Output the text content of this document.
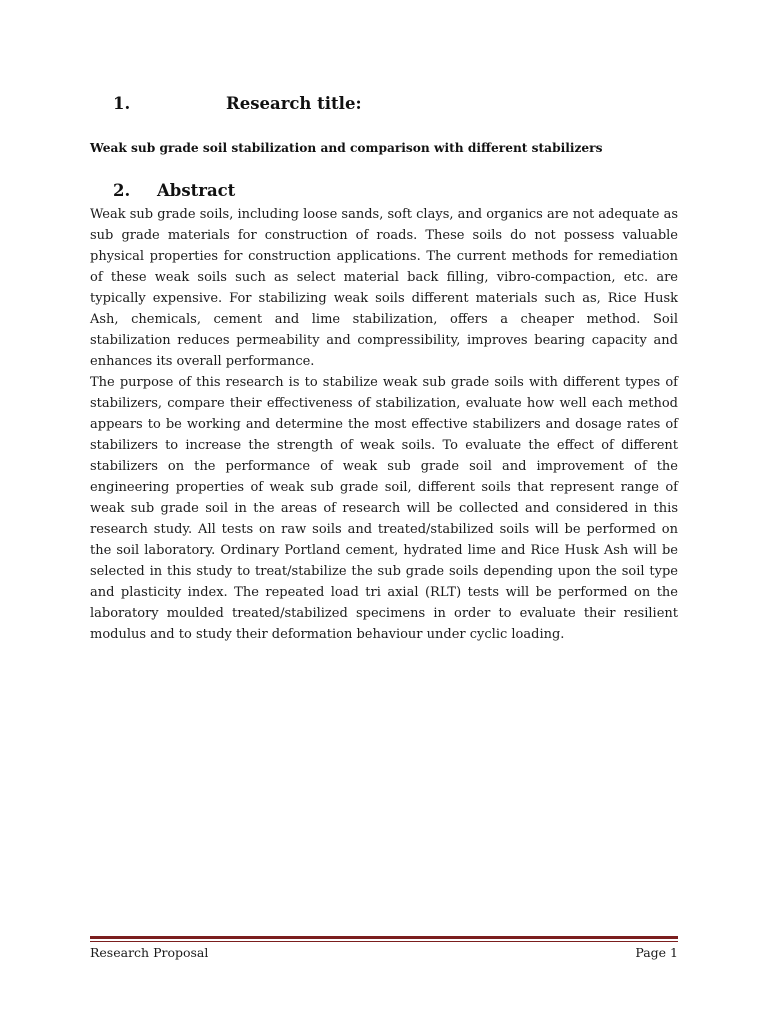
1.	Research title:

Weak sub grade soil stabilization and comparison with different stabilizers

2. Abstract

Weak sub grade soils, including loose sands, soft clays, and organics are not adequate as sub grade materials for construction of roads. These soils do not possess valuable physical properties for construction applications. The current methods for remediation of these weak soils such as select material back filling, vibro-compaction, etc. are typically expensive. For stabilizing weak soils different materials such as, Rice Husk Ash, chemicals, cement and lime stabilization, offers a cheaper method. Soil stabilization reduces permeability and compressibility, improves bearing capacity and enhances its overall performance.

The purpose of this research is to stabilize weak sub grade soils with different types of stabilizers, compare their effectiveness of stabilization, evaluate how well each method appears to be working and determine the most effective stabilizers and dosage rates of stabilizers to increase the strength of weak soils. To evaluate the effect of different stabilizers on the performance of weak sub grade soil and improvement of the engineering properties of weak sub grade soil, different soils that represent range of weak sub grade soil in the areas of research will be collected and considered in this research study. All tests on raw soils and treated/stabilized soils will be performed on the soil laboratory. Ordinary Portland cement, hydrated lime and Rice Husk Ash will be selected in this study to treat/stabilize the sub grade soils depending upon the soil type and plasticity index. The repeated load tri axial (RLT) tests will be performed on the laboratory moulded treated/stabilized specimens in order to evaluate their resilient modulus and to study their deformation behaviour under cyclic loading.

Research Proposal	Page 1
